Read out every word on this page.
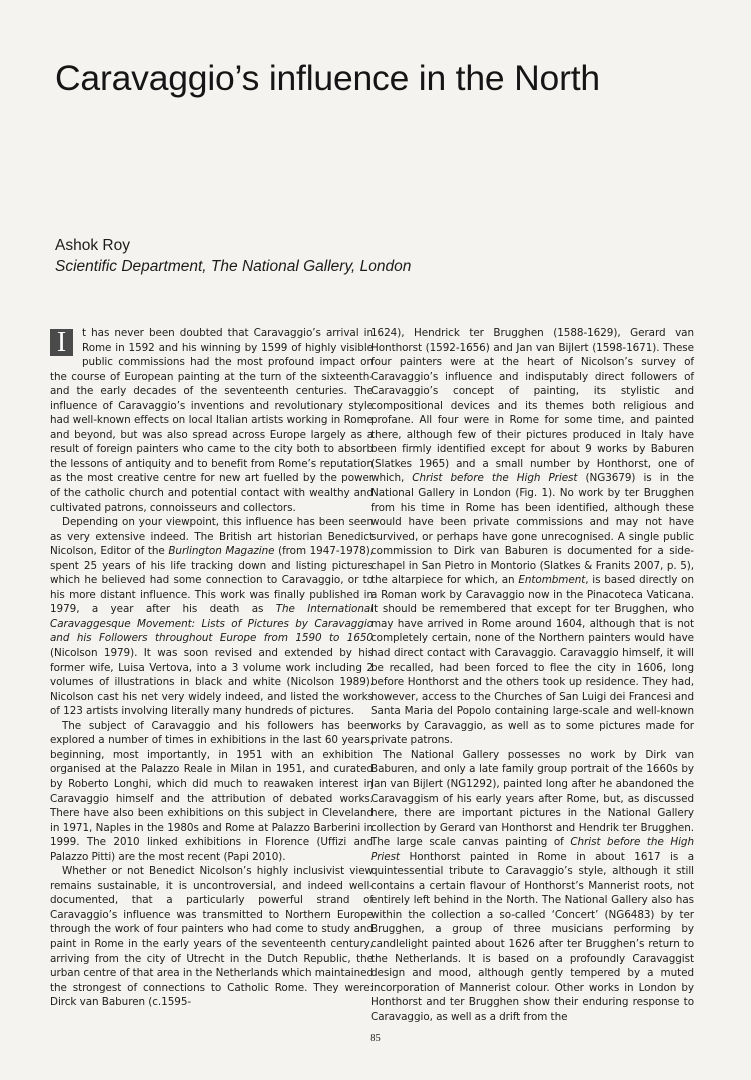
Caravaggio’s influence in the North

Ashok Roy

Scientific Department, The National Gallery, London

I	t has never been doubted that Caravaggio’s arrival in Rome in 1592 and his winning by 1599 of highly visible public commissions had the most profound impact on the course of European painting at the turn of the sixteenth- and the early decades of the seventeenth centuries. The influence of Caravaggio’s inventions and revolutionary style had well-known effects on local Italian artists working in Rome and beyond, but was also spread across Europe largely as a result of foreign painters who came to the city both to absorb the lessons of antiquity and to benefit from Rome’s reputation as the most creative centre for new art fuelled by the power of the catholic church and potential contact with wealthy and cultivated patrons, connoisseurs and collectors.

Depending on your viewpoint, this influence has been seen as very extensive indeed. The British art historian Benedict Nicolson, Editor of the Burlington Magazine (from 1947-1978), spent 25 years of his life tracking down and listing pictures which he believed had some connection to Caravaggio, or to his more distant influence. This work was finally published in 1979, a year after his death as The International Caravaggesque Movement: Lists of Pictures by Caravaggio and his Followers throughout Europe from 1590 to 1650 (Nicolson 1979). It was soon revised and extended by his former wife, Luisa Vertova, into a 3 volume work including 2 volumes of illustrations in black and white (Nicolson 1989). Nicolson cast his net very widely indeed, and listed the works of 123 artists involving literally many hundreds of pictures.

The subject of Caravaggio and his followers has been explored a number of times in exhibitions in the last 60 years, beginning, most importantly, in 1951 with an exhibition organised at the Palazzo Reale in Milan in 1951, and curated by Roberto Longhi, which did much to reawaken interest in Caravaggio himself and the attribution of debated works. There have also been exhibitions on this subject in Cleveland in 1971, Naples in the 1980s and Rome at Palazzo Barberini in 1999. The 2010 linked exhibitions in Florence (Uffizi and Palazzo Pitti) are the most recent (Papi 2010).

Whether or not Benedict Nicolson’s highly inclusivist view remains sustainable, it is uncontroversial, and indeed well-documented, that a particularly powerful strand of Caravaggio’s influence was transmitted to Northern Europe through the work of four painters who had come to study and paint in Rome in the early years of the seventeenth century, arriving from the city of Utrecht in the Dutch Republic, the urban centre of that area in the Netherlands which maintained the strongest of connections to Catholic Rome. They were: Dirck van Baburen (c.1595-

1624), Hendrick ter Brugghen (1588-1629), Gerard van Honthorst (1592-1656) and Jan van Bijlert (1598-1671). These four painters were at the heart of Nicolson’s survey of Caravaggio’s influence and indisputably direct followers of Caravaggio’s concept of painting, its stylistic and compositional devices and its themes both religious and profane. All four were in Rome for some time, and painted there, although few of their pictures produced in Italy have been firmly identified except for about 9 works by Baburen (Slatkes 1965) and a small number by Honthorst, one of which, Christ before the High Priest (NG3679) is in the National Gallery in London (Fig. 1). No work by ter Brugghen from his time in Rome has been identified, although these would have been private commissions and may not have survived, or perhaps have gone unrecognised. A single public commission to Dirk van Baburen is documented for a side-chapel in San Pietro in Montorio (Slatkes & Franits 2007, p. 5), the altarpiece for which, an Entombment, is based directly on a Roman work by Caravaggio now in the Pinacoteca Vaticana. It should be remembered that except for ter Brugghen, who may have arrived in Rome around 1604, although that is not completely certain, none of the Northern painters would have had direct contact with Caravaggio. Caravaggio himself, it will be recalled, had been forced to flee the city in 1606, long before Honthorst and the others took up residence. They had, however, access to the Churches of San Luigi dei Francesi and Santa Maria del Popolo containing large-scale and well-known works by Caravaggio, as well as to some pictures made for private patrons.

The National Gallery possesses no work by Dirk van Baburen, and only a late family group portrait of the 1660s by Jan van Bijlert (NG1292), painted long after he abandoned the Caravaggism of his early years after Rome, but, as discussed here, there are important pictures in the National Gallery collection by Gerard van Honthorst and Hendrik ter Brugghen. The large scale canvas painting of Christ before the High Priest Honthorst painted in Rome in about 1617 is a quintessential tribute to Caravaggio’s style, although it still contains a certain flavour of Honthorst’s Mannerist roots, not entirely left behind in the North. The National Gallery also has within the collection a so-called ‘Concert’ (NG6483) by ter Brugghen, a group of three musicians performing by candlelight painted about 1626 after ter Brugghen’s return to the Netherlands. It is based on a profoundly Caravaggist design and mood, although gently tempered by a muted incorporation of Mannerist colour. Other works in London by Honthorst and ter Brugghen show their enduring response to Caravaggio, as well as a drift from the

85
